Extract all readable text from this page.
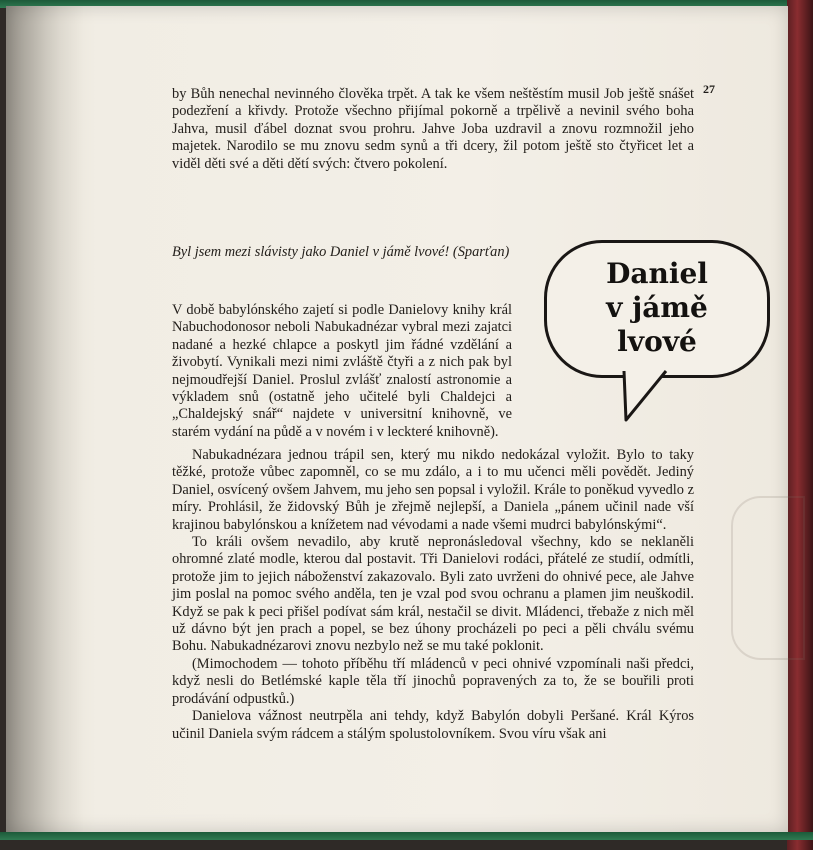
27

by Bůh nenechal nevinného člověka trpět. A tak ke všem neštěstím musil Job ještě snášet podezření a křivdy. Protože všechno přijímal pokorně a trpělivě a nevinil svého boha Jahva, musil ďábel doznat svou prohru. Jahve Joba uzdravil a znovu rozmnožil jeho majetek. Narodilo se mu znovu sedm synů a tři dcery, žil potom ještě sto čtyřicet let a viděl děti své a děti dětí svých: čtvero pokolení.

Byl jsem mezi slávisty jako Daniel v jámě lvové! (Sparťan)

Daniel
v jámě
lvové

V době babylónského zajetí si podle Danielovy knihy král Nabuchodonosor neboli Nabukadnézar vybral mezi zajatci nadané a hezké chlapce a poskytl jim řádné vzdělání a živobytí. Vynikali mezi nimi zvláště čtyři a z nich pak byl nejmoudřejší Daniel. Proslul zvlášť znalostí astronomie a výkladem snů (ostatně jeho učitelé byli Chaldejci a „Chaldejský snář“ najdete v universitní knihovně, ve starém vydání na půdě a v novém i v leckteré knihovně).

Nabukadnézara jednou trápil sen, který mu nikdo nedokázal vyložit. Bylo to taky těžké, protože vůbec zapomněl, co se mu zdálo, a i to mu učenci měli povědět. Jediný Daniel, osvícený ovšem Jahvem, mu jeho sen popsal i vyložil. Krále to poněkud vyvedlo z míry. Prohlásil, že židovský Bůh je zřejmě nejlepší, a Daniela „pánem učinil nade vší krajinou babylónskou a knížetem nad vévodami a nade všemi mudrci babylónskými“.

To králi ovšem nevadilo, aby krutě nepronásledoval všechny, kdo se neklaněli ohromné zlaté modle, kterou dal postavit. Tři Danielovi rodáci, přátelé ze studií, odmítli, protože jim to jejich náboženství zakazovalo. Byli zato uvrženi do ohnivé pece, ale Jahve jim poslal na pomoc svého anděla, ten je vzal pod svou ochranu a plamen jim neuškodil. Když se pak k peci přišel podívat sám král, nestačil se divit. Mládenci, třebaže z nich měl už dávno být jen prach a popel, se bez úhony procházeli po peci a pěli chválu svému Bohu. Nabukadnézarovi znovu nezbylo než se mu také poklonit.

(Mimochodem — tohoto příběhu tří mládenců v peci ohnivé vzpomínali naši předci, když nesli do Betlémské kaple těla tří jinochů popravených za to, že se bouřili proti prodávání odpustků.)

Danielova vážnost neutrpěla ani tehdy, když Babylón dobyli Peršané. Král Kýros učinil Daniela svým rádcem a stálým spolustolovníkem. Svou víru však ani
